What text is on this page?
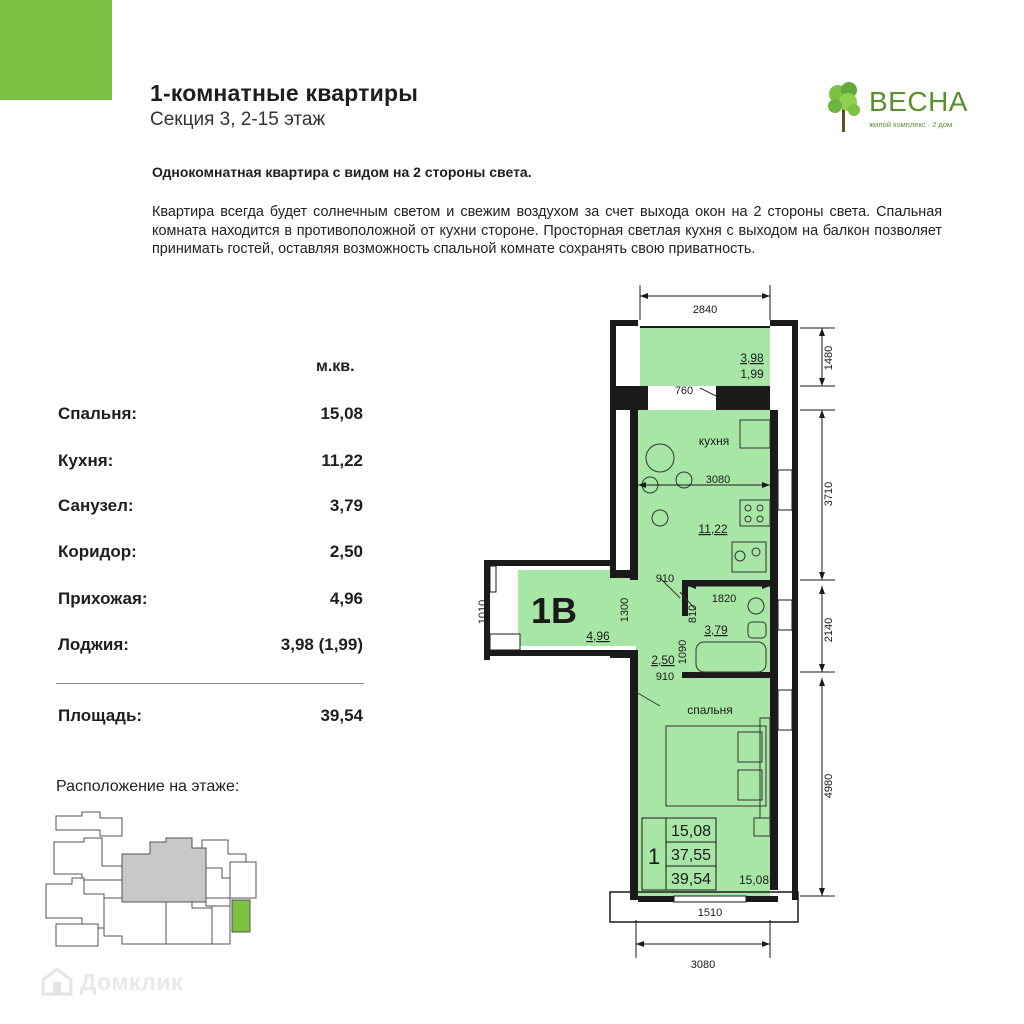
1-комнатные квартиры
Секция 3, 2-15 этаж
ВЕСНА
жилой комплекс · 2 дом
Однокомнатная квартира с видом на 2 стороны света.
Квартира всегда будет солнечным светом и свежим воздухом за счет выхода окон на 2 стороны света. Спальная комната находится в противоположной от кухни стороне. Просторная светлая кухня с выходом на балкон позволяет принимать гостей, оставляя возможность спальной комнате сохранять свою приватность.
м.кв.
Спальня:	15,08
Кухня:	11,22
Санузел:	3,79
Коридор:	2,50
Прихожая:	4,96
Лоджия:	3,98 (1,99)
Площадь:	39,54
Расположение на этаже:
2840
3080
1510
3080
1820
760
910
910
1480
3710
2140
4980
1300
1010	810
1090
3,98
1,99
кухня
11,22
4,96	3,79
2,50
спальня
15,08
1В
1
15,08
37,55
39,54
Домклик
